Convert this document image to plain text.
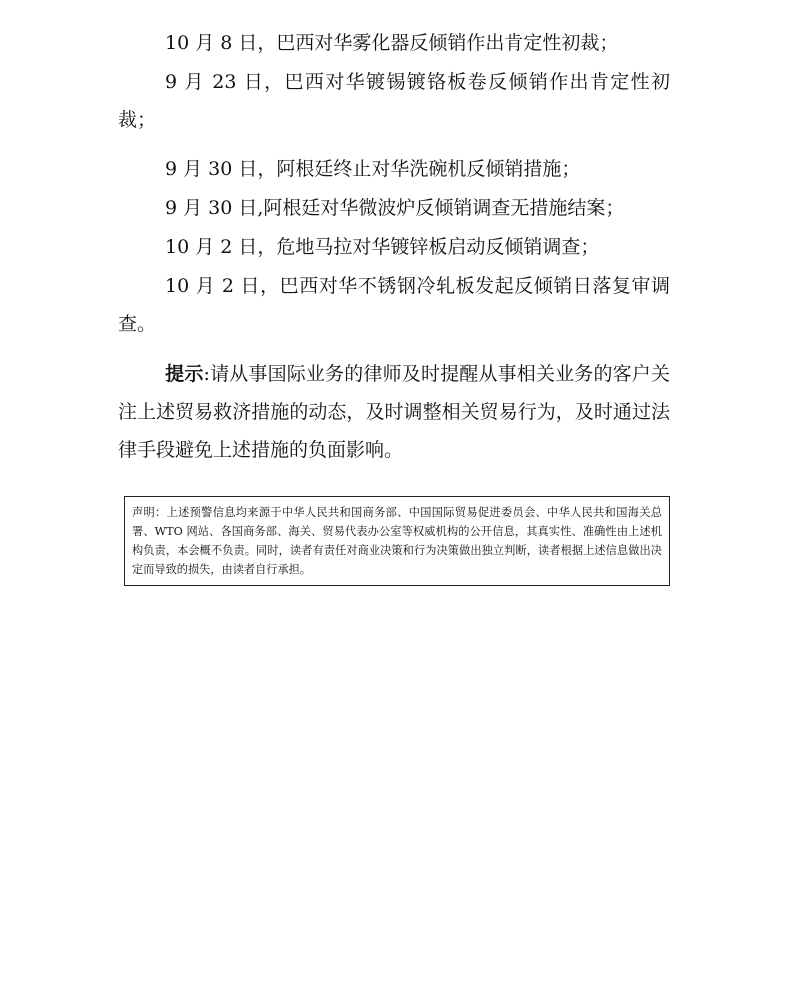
10 月 8 日，巴西对华雾化器反倾销作出肯定性初裁；

9 月 23 日，巴西对华镀锡镀铬板卷反倾销作出肯定性初裁；

9 月 30 日，阿根廷终止对华洗碗机反倾销措施；

9 月 30 日,阿根廷对华微波炉反倾销调查无措施结案；

10 月 2 日，危地马拉对华镀锌板启动反倾销调查；

10 月 2 日，巴西对华不锈钢冷轧板发起反倾销日落复审调查。

提示:请从事国际业务的律师及时提醒从事相关业务的客户关注上述贸易救济措施的动态，及时调整相关贸易行为，及时通过法律手段避免上述措施的负面影响。

声明：上述预警信息均来源于中华人民共和国商务部、中国国际贸易促进委员会、中华人民共和国海关总署、WTO 网站、各国商务部、海关、贸易代表办公室等权威机构的公开信息，其真实性、准确性由上述机构负责，本会概不负责。同时，读者有责任对商业决策和行为决策做出独立判断，读者根据上述信息做出决定而导致的损失，由读者自行承担。
